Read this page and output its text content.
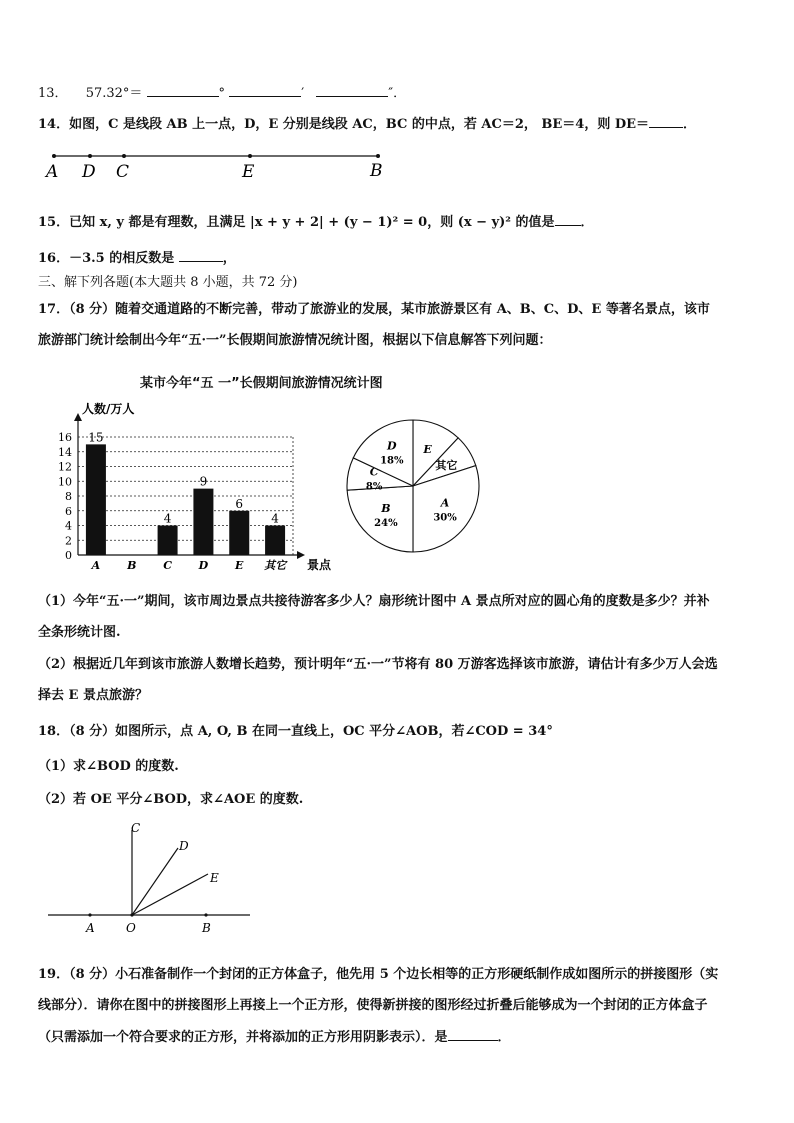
13． 57.32°＝	°	′	″．
14．如图，C 是线段 AB 上一点，D，E 分别是线段 AC，BC 的中点，若 AC＝2， BE＝4，则 DE＝	．
A D C	E	B
15．已知 x, y 都是有理数，且满足 |x + y + 2| + (y − 1)² = 0，则 (x − y)² 的值是 ．
16．－3.5 的相反数是	，
三、解下列各题(本大题共 8 小题，共 72 分)
17．（8 分）随着交通道路的不断完善，带动了旅游业的发展，某市旅游景区有 A、B、C、D、E 等著名景点，该市
旅游部门统计绘制出今年“五·一”长假期间旅游情况统计图，根据以下信息解答下列问题：
某市今年“五 一”长假期间旅游情况统计图
人数/万人
0
2
4
6
8
10
12
14
16 15
A B
4
C
9
D
6
E
4
其它 景点
E
其它
A
30%
B
24%
C
8%
D
18%
（1）今年“五·一”期间，该市周边景点共接待游客多少人？扇形统计图中 A 景点所对应的圆心角的度数是多少？并补
全条形统计图.
（2）根据近几年到该市旅游人数增长趋势，预计明年“五·一”节将有 80 万游客选择该市旅游，请估计有多少万人会选
择去 E 景点旅游？
18．（8 分）如图所示，点 A, O, B 在同一直线上，OC 平分∠AOB，若∠COD = 34°
（1）求∠BOD 的度数.
（2）若 OE 平分∠BOD，求∠AOE 的度数.
C
D
E
A	O	B
19．（8 分）小石准备制作一个封闭的正方体盒子，他先用 5 个边长相等的正方形硬纸制作成如图所示的拼接图形（实
线部分）．请你在图中的拼接图形上再接上一个正方形，使得新拼接的图形经过折叠后能够成为一个封闭的正方体盒子
（只需添加一个符合要求的正方形，并将添加的正方形用阴影表示）．是	．
